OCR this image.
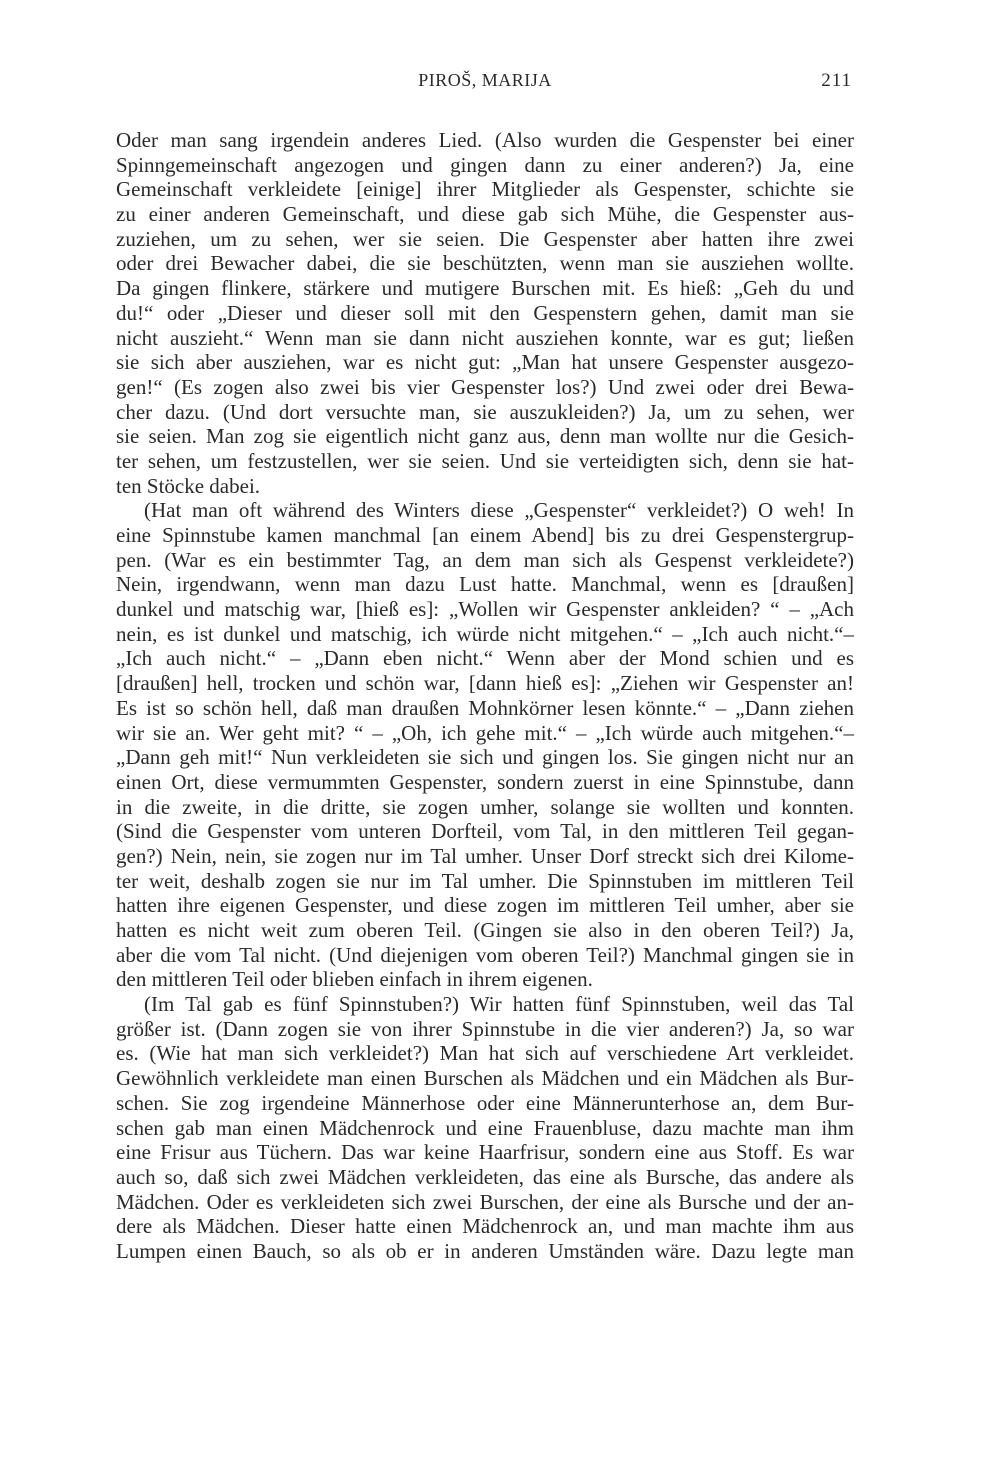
PIROŠ, MARIJA	211
Oder man sang irgendein anderes Lied. (Also wurden die Gespenster bei einer
Spinngemeinschaft angezogen und gingen dann zu einer anderen?) Ja, eine
Gemeinschaft verkleidete [einige] ihrer Mitglieder als Gespenster, schichte sie
zu einer anderen Gemeinschaft, und diese gab sich Mühe, die Gespenster aus-
zuziehen, um zu sehen, wer sie seien. Die Gespenster aber hatten ihre zwei
oder drei Bewacher dabei, die sie beschützten, wenn man sie ausziehen wollte.
Da gingen flinkere, stärkere und mutigere Burschen mit. Es hieß: „Geh du und
du!“ oder „Dieser und dieser soll mit den Gespenstern gehen, damit man sie
nicht auszieht.“ Wenn man sie dann nicht ausziehen konnte, war es gut; ließen
sie sich aber ausziehen, war es nicht gut: „Man hat unsere Gespenster ausgezo-
gen!“ (Es zogen also zwei bis vier Gespenster los?) Und zwei oder drei Bewa-
cher dazu. (Und dort versuchte man, sie auszukleiden?) Ja, um zu sehen, wer
sie seien. Man zog sie eigentlich nicht ganz aus, denn man wollte nur die Gesich-
ter sehen, um festzustellen, wer sie seien. Und sie verteidigten sich, denn sie hat-
ten Stöcke dabei.
(Hat man oft während des Winters diese „Gespenster“ verkleidet?) O weh! In
eine Spinnstube kamen manchmal [an einem Abend] bis zu drei Gespenstergrup-
pen. (War es ein bestimmter Tag, an dem man sich als Gespenst verkleidete?)
Nein, irgendwann, wenn man dazu Lust hatte. Manchmal, wenn es [draußen]
dunkel und matschig war, [hieß es]: „Wollen wir Gespenster ankleiden? “ – „Ach
nein, es ist dunkel und matschig, ich würde nicht mitgehen.“ – „Ich auch nicht.“–
„Ich auch nicht.“ – „Dann eben nicht.“ Wenn aber der Mond schien und es
[draußen] hell, trocken und schön war, [dann hieß es]: „Ziehen wir Gespenster an!
Es ist so schön hell, daß man draußen Mohnkörner lesen könnte.“ – „Dann ziehen
wir sie an. Wer geht mit? “ – „Oh, ich gehe mit.“ – „Ich würde auch mitgehen.“–
„Dann geh mit!“ Nun verkleideten sie sich und gingen los. Sie gingen nicht nur an
einen Ort, diese vermummten Gespenster, sondern zuerst in eine Spinnstube, dann
in die zweite, in die dritte, sie zogen umher, solange sie wollten und konnten.
(Sind die Gespenster vom unteren Dorfteil, vom Tal, in den mittleren Teil gegan-
gen?) Nein, nein, sie zogen nur im Tal umher. Unser Dorf streckt sich drei Kilome-
ter weit, deshalb zogen sie nur im Tal umher. Die Spinnstuben im mittleren Teil
hatten ihre eigenen Gespenster, und diese zogen im mittleren Teil umher, aber sie
hatten es nicht weit zum oberen Teil. (Gingen sie also in den oberen Teil?) Ja,
aber die vom Tal nicht. (Und diejenigen vom oberen Teil?) Manchmal gingen sie in
den mittleren Teil oder blieben einfach in ihrem eigenen.
(Im Tal gab es fünf Spinnstuben?) Wir hatten fünf Spinnstuben, weil das Tal
größer ist. (Dann zogen sie von ihrer Spinnstube in die vier anderen?) Ja, so war
es. (Wie hat man sich verkleidet?) Man hat sich auf verschiedene Art verkleidet.
Gewöhnlich verkleidete man einen Burschen als Mädchen und ein Mädchen als Bur-
schen. Sie zog irgendeine Männerhose oder eine Männerunterhose an, dem Bur-
schen gab man einen Mädchenrock und eine Frauenbluse, dazu machte man ihm
eine Frisur aus Tüchern. Das war keine Haarfrisur, sondern eine aus Stoff. Es war
auch so, daß sich zwei Mädchen verkleideten, das eine als Bursche, das andere als
Mädchen. Oder es verkleideten sich zwei Burschen, der eine als Bursche und der an-
dere als Mädchen. Dieser hatte einen Mädchenrock an, und man machte ihm aus
Lumpen einen Bauch, so als ob er in anderen Umständen wäre. Dazu legte man
